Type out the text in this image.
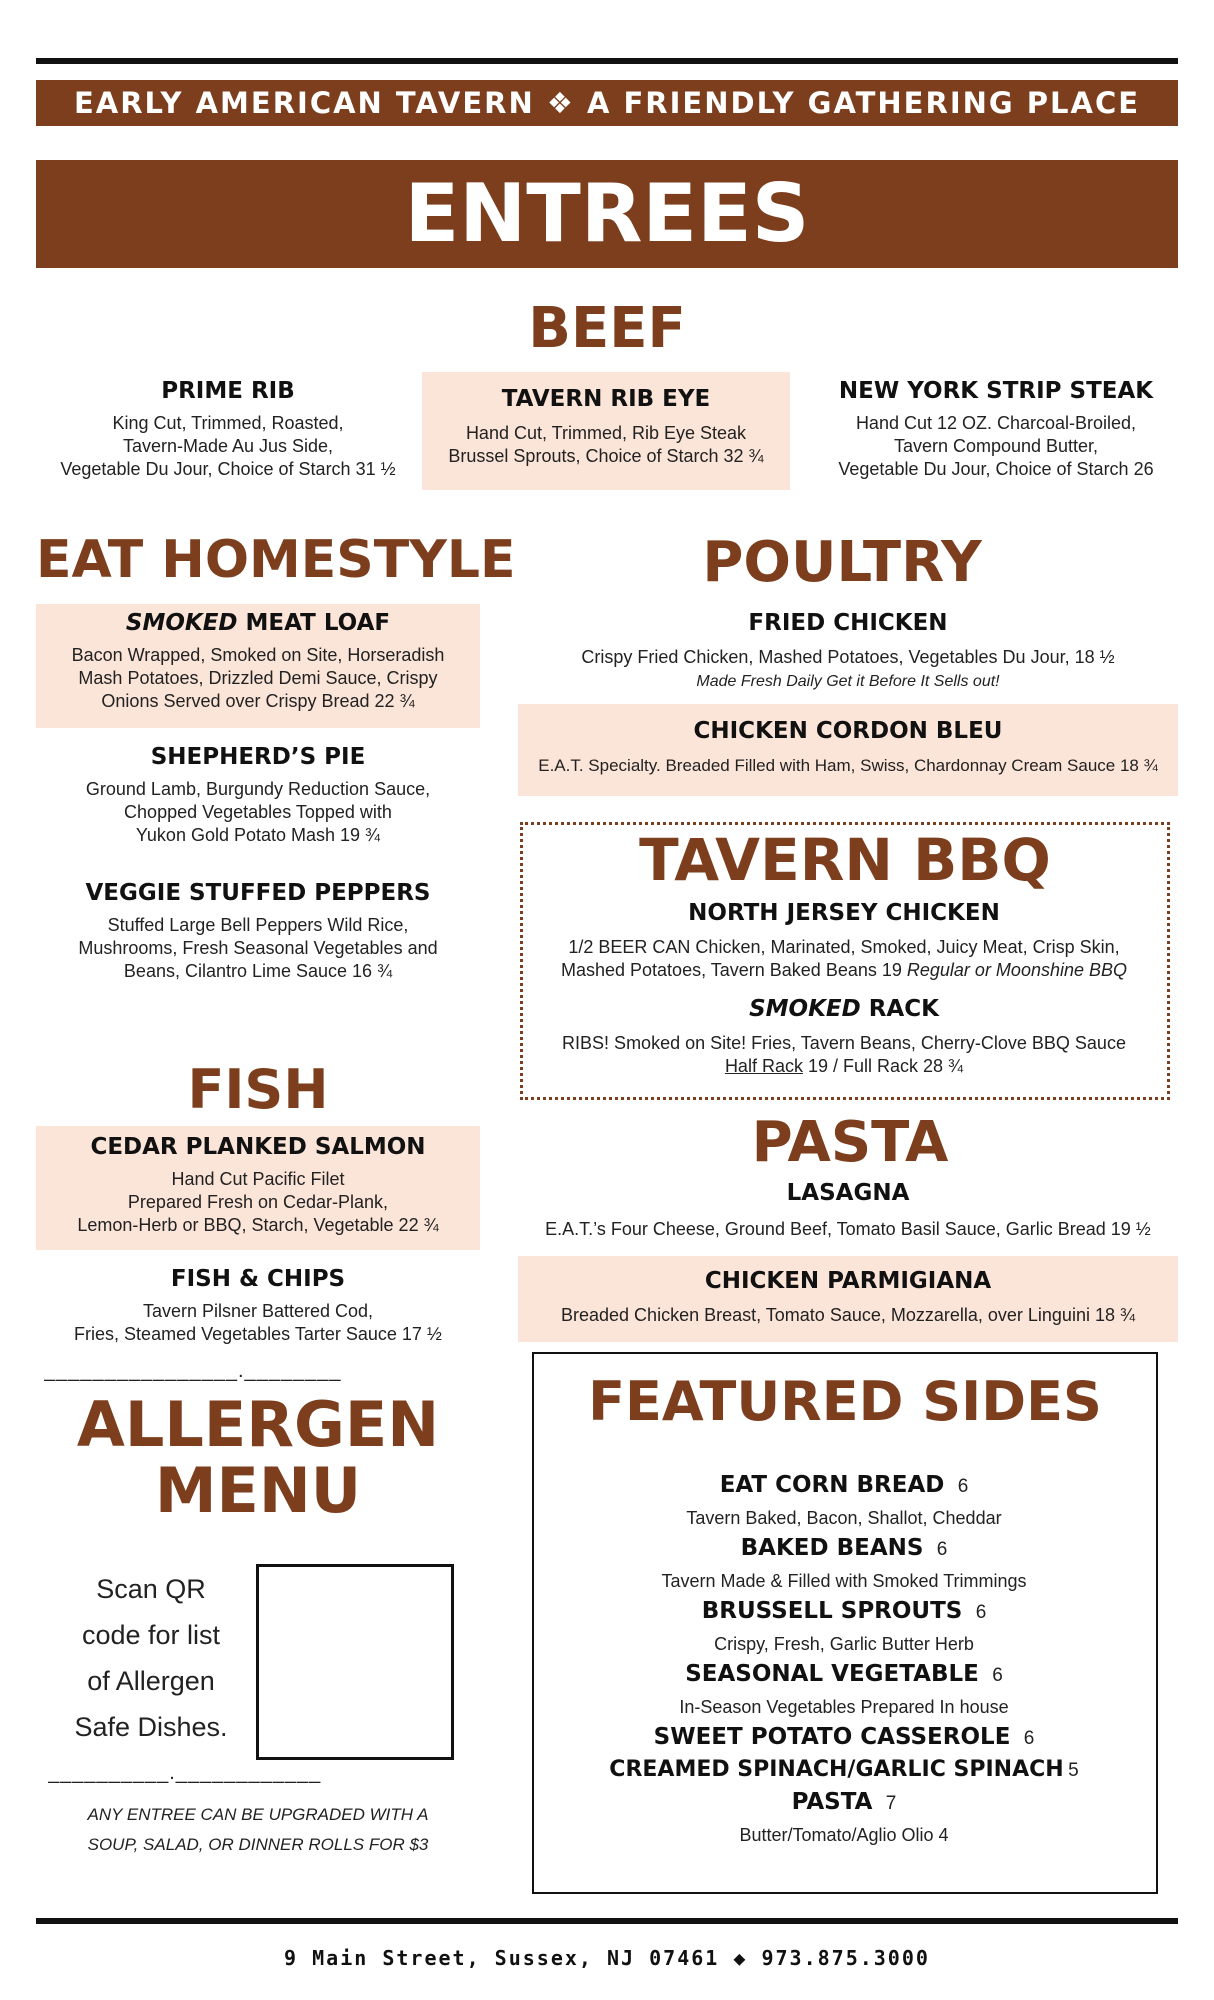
EARLY AMERICAN TAVERN ❖ A FRIENDLY GATHERING PLACE
ENTREES
BEEF
PRIME RIB
King Cut, Trimmed, Roasted,
Tavern-Made Au Jus Side,
Vegetable Du Jour, Choice of Starch 31 ½
TAVERN RIB EYE
Hand Cut, Trimmed, Rib Eye Steak
Brussel Sprouts, Choice of Starch 32 ¾
NEW YORK STRIP STEAK
Hand Cut 12 OZ. Charcoal-Broiled,
Tavern Compound Butter,
Vegetable Du Jour, Choice of Starch 26
EAT HOMESTYLE
SMOKED MEAT LOAF
Bacon Wrapped, Smoked on Site, Horseradish
Mash Potatoes, Drizzled Demi Sauce, Crispy
Onions Served over Crispy Bread 22 ¾
SHEPHERD’S PIE
Ground Lamb, Burgundy Reduction Sauce,
Chopped Vegetables Topped with
Yukon Gold Potato Mash 19 ¾
VEGGIE STUFFED PEPPERS
Stuffed Large Bell Peppers Wild Rice,
Mushrooms, Fresh Seasonal Vegetables and
Beans, Cilantro Lime Sauce 16 ¾
POULTRY
FRIED CHICKEN
Crispy Fried Chicken, Mashed Potatoes, Vegetables Du Jour, 18 ½
Made Fresh Daily Get it Before It Sells out!
CHICKEN CORDON BLEU
E.A.T. Specialty. Breaded Filled with Ham, Swiss, Chardonnay Cream Sauce 18 ¾
TAVERN BBQ
NORTH JERSEY CHICKEN
1/2 BEER CAN Chicken, Marinated, Smoked, Juicy Meat, Crisp Skin,
Mashed Potatoes, Tavern Baked Beans 19 Regular or Moonshine BBQ
SMOKED RACK
RIBS! Smoked on Site! Fries, Tavern Beans, Cherry-Clove BBQ Sauce
Half Rack 19 / Full Rack 28 ¾
FISH
CEDAR PLANKED SALMON
Hand Cut Pacific Filet
Prepared Fresh on Cedar-Plank,
Lemon-Herb or BBQ, Starch, Vegetable 22 ¾
FISH & CHIPS
Tavern Pilsner Battered Cod,
Fries, Steamed Vegetables Tarter Sauce 17 ½
PASTA
LASAGNA
E.A.T.’s Four Cheese, Ground Beef, Tomato Basil Sauce, Garlic Bread 19 ½
CHICKEN PARMIGIANA
Breaded Chicken Breast, Tomato Sauce, Mozzarella, over Linguini 18 ¾
________________.________
ALLERGEN
MENU
Scan QR
code for list
of Allergen
Safe Dishes.
__________.____________
ANY ENTREE CAN BE UPGRADED WITH A
SOUP, SALAD, OR DINNER ROLLS FOR $3
FEATURED SIDES
EAT CORN BREAD 6
Tavern Baked, Bacon, Shallot, Cheddar
BAKED BEANS 6
Tavern Made & Filled with Smoked Trimmings
BRUSSELL SPROUTS 6
Crispy, Fresh, Garlic Butter Herb
SEASONAL VEGETABLE 6
In-Season Vegetables Prepared In house
SWEET POTATO CASSEROLE 6
CREAMED SPINACH/GARLIC SPINACH 5
PASTA 7
Butter/Tomato/Aglio Olio 4
9 Main Street, Sussex, NJ 07461 ◆ 973.875.3000
